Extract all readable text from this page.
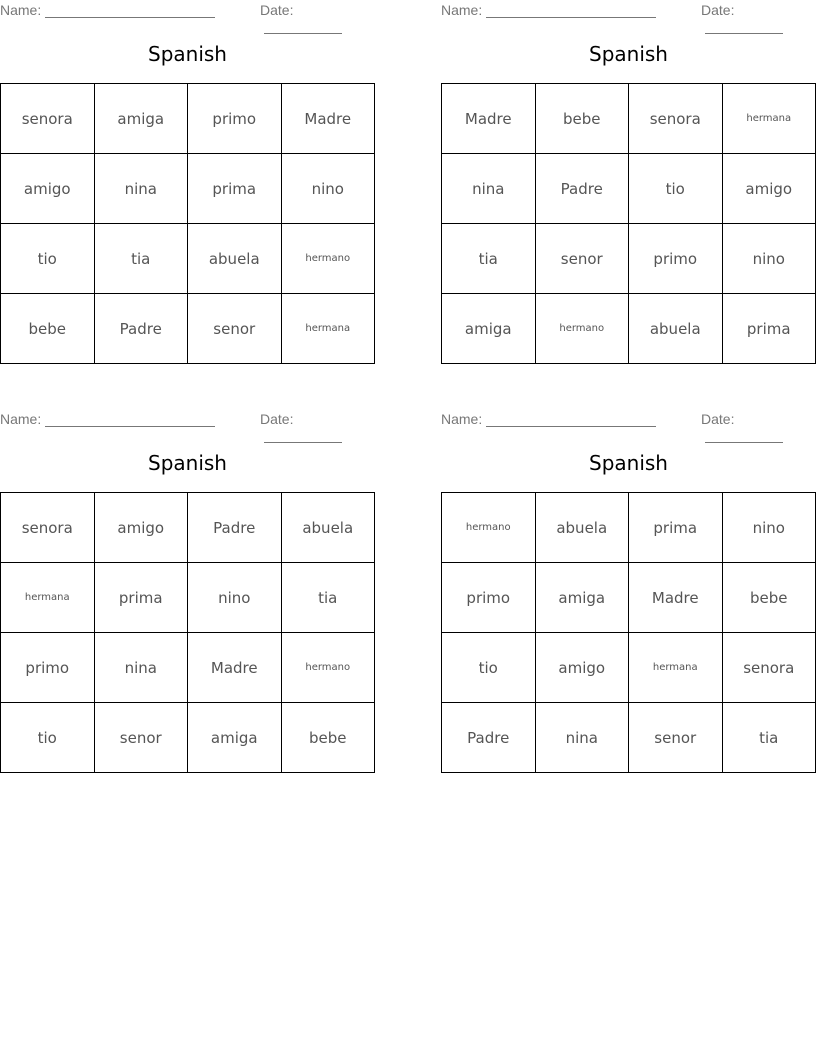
Name:	Date:
Spanish
senora	amiga	primo	Madre
amigo	nina	prima	nino
tio	tia	abuela	hermano
bebe	Padre	senor	hermana
Name:	Date:
Spanish
Madre	bebe	senora	hermana
nina	Padre	tio	amigo
tia	senor	primo	nino
amiga	hermano	abuela	prima
Name:	Date:
Spanish
senora	amigo	Padre	abuela
hermana	prima	nino	tia
primo	nina	Madre	hermano
tio	senor	amiga	bebe
Name:	Date:
Spanish
hermano	abuela	prima	nino
primo	amiga	Madre	bebe
tio	amigo	hermana	senora
Padre	nina	senor	tia
